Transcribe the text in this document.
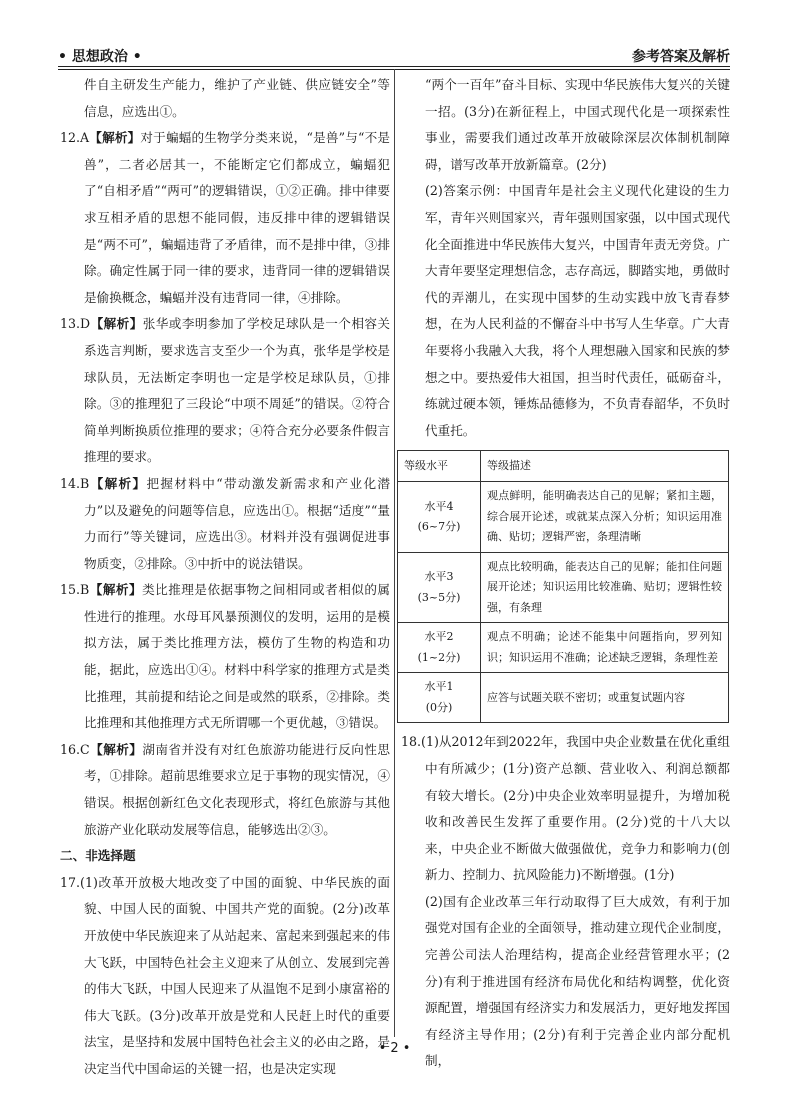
• 思想政治 •	参考答案及解析

件自主研发生产能力，维护了产业链、供应链安全”等信息，应选出①。

12.A【解析】对于蝙蝠的生物学分类来说，“是兽”与“不是兽”，二者必居其一，不能断定它们都成立，蝙蝠犯了“自相矛盾”“两可”的逻辑错误，①②正确。排中律要求互相矛盾的思想不能同假，违反排中律的逻辑错误是“两不可”，蝙蝠违背了矛盾律，而不是排中律，③排除。确定性属于同一律的要求，违背同一律的逻辑错误是偷换概念，蝙蝠并没有违背同一律，④排除。

13.D【解析】张华或李明参加了学校足球队是一个相容关系选言判断，要求选言支至少一个为真，张华是学校是球队员，无法断定李明也一定是学校足球队员，①排除。③的推理犯了三段论“中项不周延”的错误。②符合简单判断换质位推理的要求；④符合充分必要条件假言推理的要求。

14.B【解析】把握材料中“带动激发新需求和产业化潜力”以及避免的问题等信息，应选出①。根据“适度”“量力而行”等关键词，应选出③。材料并没有强调促进事物质变，②排除。③中折中的说法错误。

15.B【解析】类比推理是依据事物之间相同或者相似的属性进行的推理。水母耳风暴预测仪的发明，运用的是模拟方法，属于类比推理方法，模仿了生物的构造和功能，据此，应选出①④。材料中科学家的推理方式是类比推理，其前提和结论之间是或然的联系，②排除。类比推理和其他推理方式无所谓哪一个更优越，③错误。

16.C【解析】湖南省并没有对红色旅游功能进行反向性思考，①排除。超前思维要求立足于事物的现实情况，④错误。根据创新红色文化表现形式，将红色旅游与其他旅游产业化联动发展等信息，能够选出②③。

二、非选择题

17.(1)改革开放极大地改变了中国的面貌、中华民族的面貌、中国人民的面貌、中国共产党的面貌。(2分)改革开放使中华民族迎来了从站起来、富起来到强起来的伟大飞跃，中国特色社会主义迎来了从创立、发展到完善的伟大飞跃，中国人民迎来了从温饱不足到小康富裕的伟大飞跃。(3分)改革开放是党和人民赶上时代的重要法宝，是坚持和发展中国特色社会主义的必由之路，是决定当代中国命运的关键一招，也是决定实现

“两个一百年”奋斗目标、实现中华民族伟大复兴的关键一招。(3分)在新征程上，中国式现代化是一项探索性事业，需要我们通过改革开放破除深层次体制机制障碍，谱写改革开放新篇章。(2分)

(2)答案示例：中国青年是社会主义现代化建设的生力军，青年兴则国家兴，青年强则国家强，以中国式现代化全面推进中华民族伟大复兴，中国青年责无旁贷。广大青年要坚定理想信念，志存高远，脚踏实地，勇做时代的弄潮儿，在实现中国梦的生动实践中放飞青春梦想，在为人民利益的不懈奋斗中书写人生华章。广大青年要将小我融入大我，将个人理想融入国家和民族的梦想之中。要热爱伟大祖国，担当时代责任，砥砺奋斗，练就过硬本领，锤炼品德修为，不负青春韶华，不负时代重托。

等级水平	等级描述

水平4
(6~7分)	观点鲜明，能明确表达自己的见解；紧扣主题，综合展开论述，或就某点深入分析；知识运用准确、贴切；逻辑严密，条理清晰

水平3
(3~5分)	观点比较明确，能表达自己的见解；能扣住问题展开论述；知识运用比较准确、贴切；逻辑性较强，有条理

水平2
(1~2分)	观点不明确；论述不能集中问题指向，罗列知识；知识运用不准确；论述缺乏逻辑，条理性差

水平1
(0分)	应答与试题关联不密切；或重复试题内容

18.(1)从2012年到2022年，我国中央企业数量在优化重组中有所减少；(1分)资产总额、营业收入、利润总额都有较大增长。(2分)中央企业效率明显提升，为增加税收和改善民生发挥了重要作用。(2分)党的十八大以来，中央企业不断做大做强做优，竞争力和影响力(创新力、控制力、抗风险能力)不断增强。(1分)

(2)国有企业改革三年行动取得了巨大成效，有利于加强党对国有企业的全面领导，推动建立现代企业制度，完善公司法人治理结构，提高企业经营管理水平；(2分)有利于推进国有经济布局优化和结构调整，优化资源配置，增强国有经济实力和发展活力，更好地发挥国有经济主导作用；(2分)有利于完善企业内部分配机制，

• 2 •
